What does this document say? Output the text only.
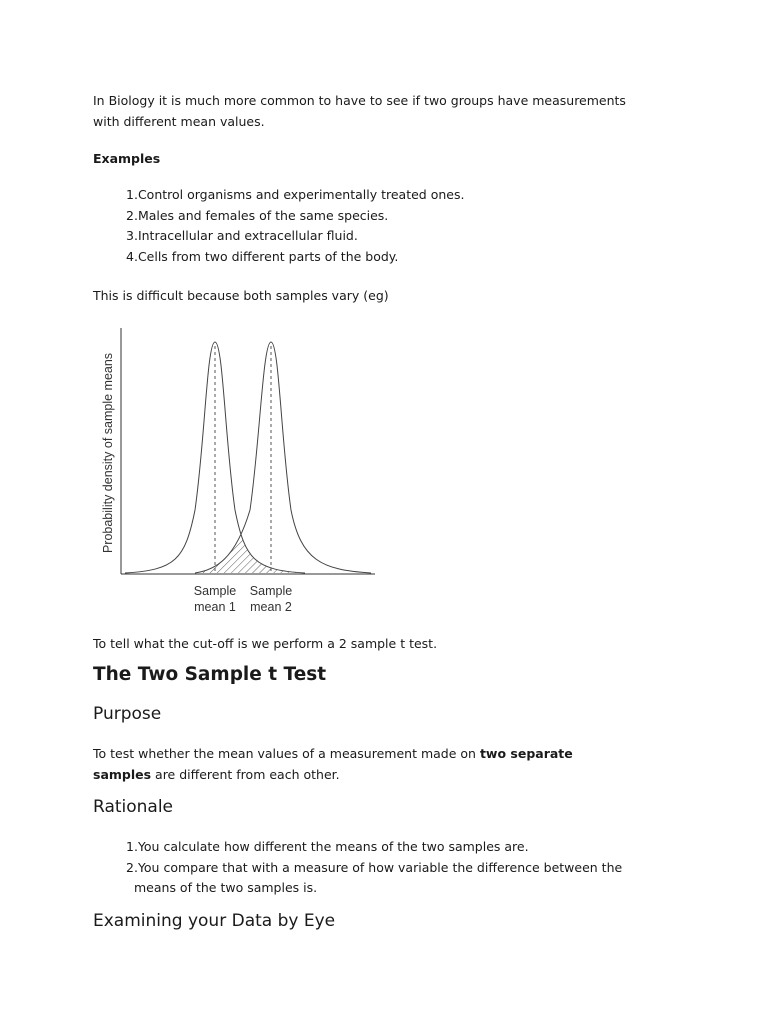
In Biology it is much more common to have to see if two groups have measurements
with different mean values.

Examples

1.Control organisms and experimentally treated ones.
2.Males and females of the same species.
3.Intracellular and extracellular fluid.
4.Cells from two different parts of the body.

This is difficult because both samples vary (eg)

Probability density of sample means
Sample
mean 1
Sample
mean 2

To tell what the cut-off is we perform a 2 sample t test.

The Two Sample t Test
Purpose

To test whether the mean values of a measurement made on two separate
samples are different from each other.

Rationale
1.You calculate how different the means of the two samples are.
2.You compare that with a measure of how variable the difference between the
means of the two samples is.
Examining your Data by Eye
